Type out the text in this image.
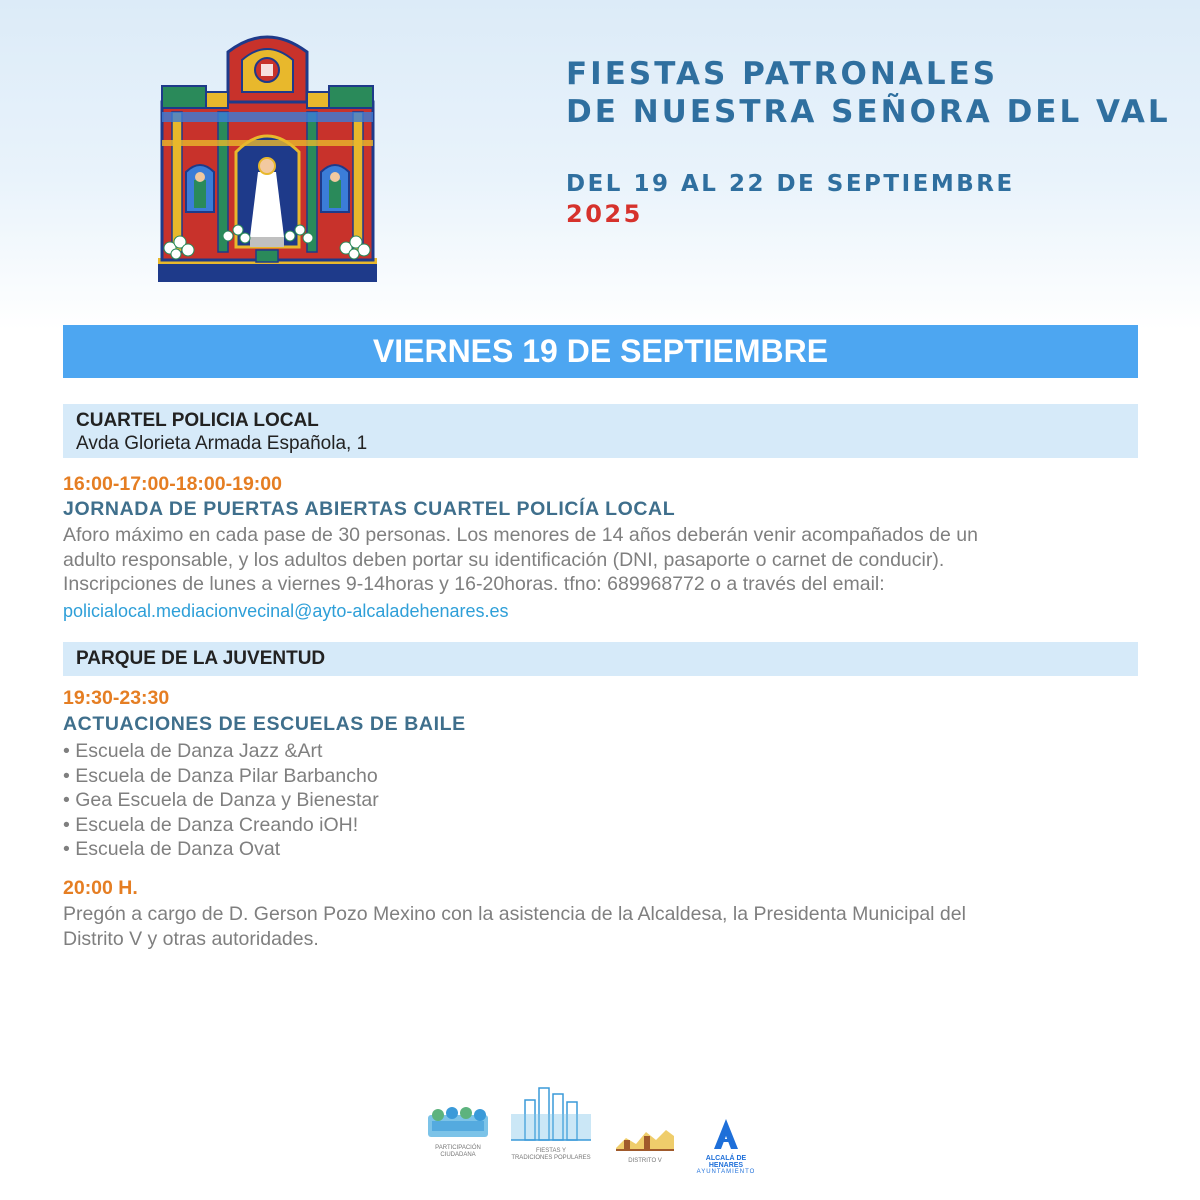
FIESTAS PATRONALES
DE NUESTRA SEÑORA DEL VAL
DEL 19 AL 22 DE SEPTIEMBRE
2025
VIERNES 19 DE SEPTIEMBRE
CUARTEL POLICIA LOCAL
Avda Glorieta Armada Española, 1
16:00-17:00-18:00-19:00
JORNADA DE PUERTAS ABIERTAS CUARTEL POLICÍA LOCAL
Aforo máximo en cada pase de 30 personas. Los menores de 14 años deberán venir acompañados de un
adulto responsable, y los adultos deben portar su identificación (DNI, pasaporte o carnet de conducir).
Inscripciones de lunes a viernes 9-14horas y 16-20horas. tfno: 689968772 o a través del email:
policialocal.mediacionvecinal@ayto-alcaladehenares.es
PARQUE DE LA JUVENTUD
19:30-23:30
ACTUACIONES DE ESCUELAS DE BAILE
• Escuela de Danza Jazz &Art
• Escuela de Danza Pilar Barbancho
• Gea Escuela de Danza y Bienestar
• Escuela de Danza Creando iOH!
• Escuela de Danza Ovat
20:00 H.
Pregón a cargo de D. Gerson Pozo Mexino con la asistencia de la Alcaldesa, la Presidenta Municipal del
Distrito V y otras autoridades.
PARTICIPACIÓN
CIUDADANA
FIESTAS Y
TRADICIONES POPULARES	DISTRITO V	ALCALÁ DE HENARES
AYUNTAMIENTO
